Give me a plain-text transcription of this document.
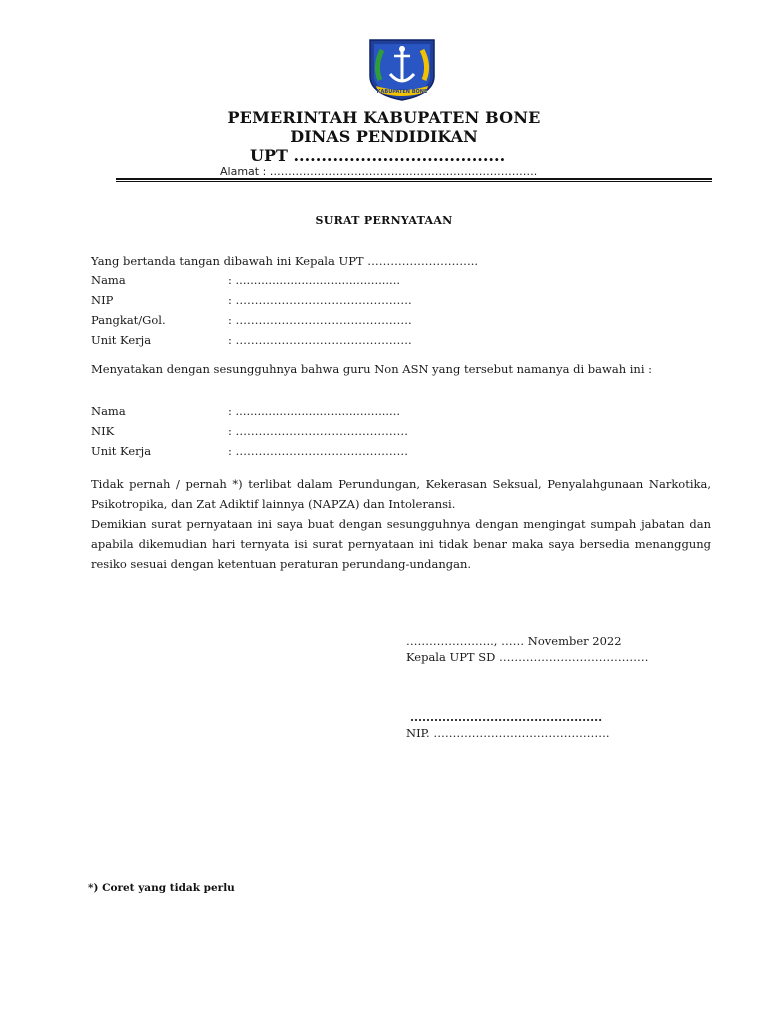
KABUPATEN BONE
PEMERINTAH KABUPATEN BONE
DINAS PENDIDIKAN
UPT ......................................
Alamat : ……………………………………………………………….
SURAT PERNYATAAN
Yang bertanda tangan dibawah ini Kepala UPT ………………………..
Nama	: .............................................
NIP	: ……………………………………….
Pangkat/Gol.	: ……………………………………….
Unit Kerja	: ……………………………………….
Menyatakan dengan sesungguhnya bahwa guru Non ASN yang tersebut namanya di bawah ini :
Nama	: .............................................
NIK	: ………………………………………
Unit Kerja	: ………………………………………
Tidak pernah / pernah *) terlibat dalam Perundungan, Kekerasan Seksual, Penyalahgunaan Narkotika, Psikotropika, dan Zat Adiktif lainnya (NAPZA) dan Intoleransi.
Demikian surat pernyataan ini saya buat dengan sesungguhnya dengan mengingat sumpah jabatan dan apabila dikemudian hari ternyata isi surat pernyataan ini tidak benar maka saya bersedia menanggung resiko sesuai dengan ketentuan peraturan perundang-undangan.
………………….., …… November 2022
Kepala UPT SD …………………………………
................................................
NIP. ……………………………………….
*) Coret yang tidak perlu
